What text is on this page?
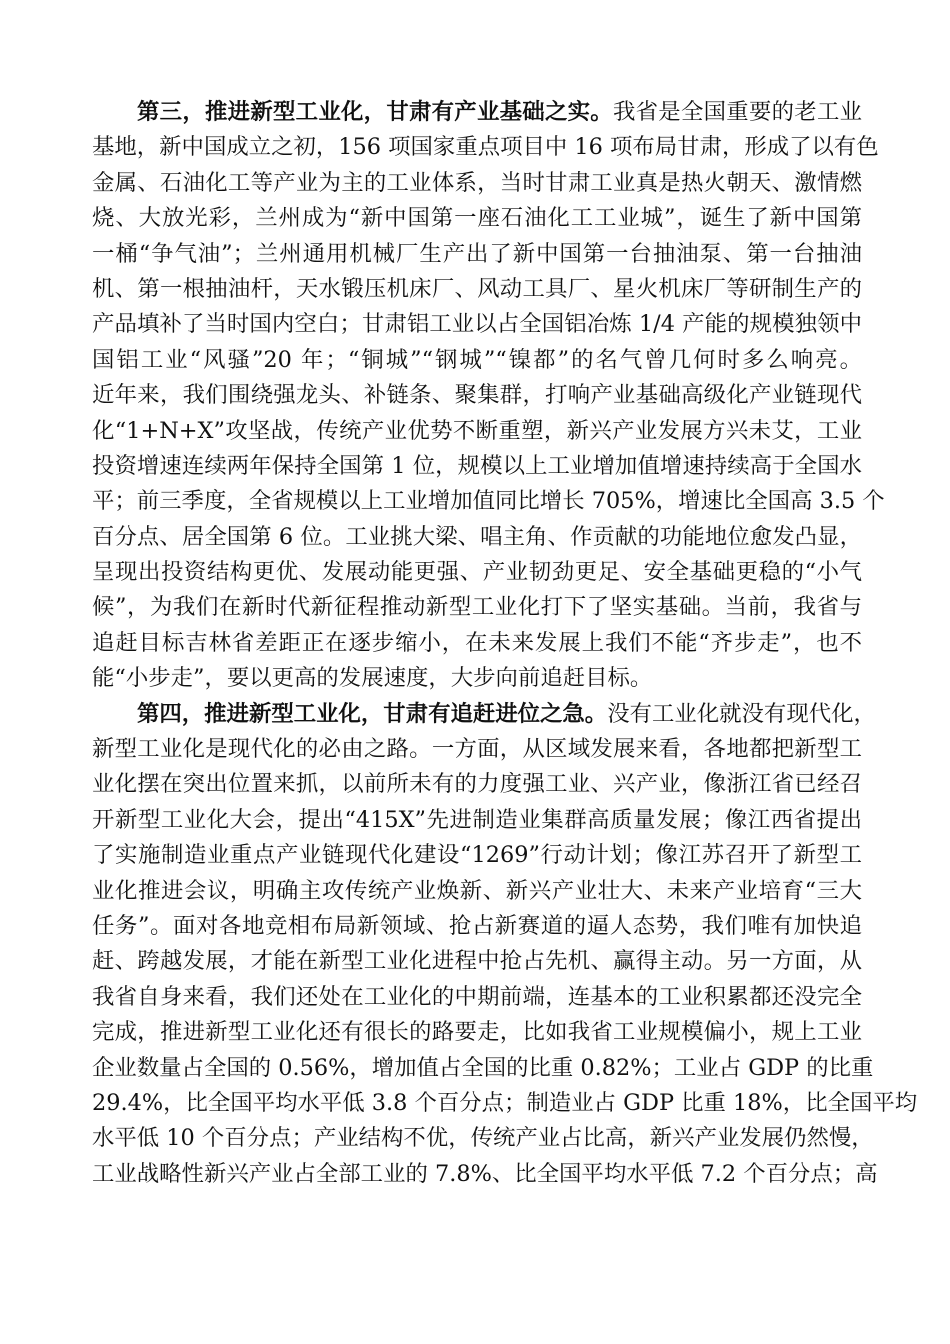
第三，推进新型工业化，甘肃有产业基础之实。我省是全国重要的老工业
基地，新中国成立之初，156 项国家重点项目中 16 项布局甘肃，形成了以有色
金属、石油化工等产业为主的工业体系，当时甘肃工业真是热火朝天、激情燃
烧、大放光彩，兰州成为“新中国第一座石油化工工业城”，诞生了新中国第
一桶“争气油”；兰州通用机械厂生产出了新中国第一台抽油泵、第一台抽油
机、第一根抽油杆，天水锻压机床厂、风动工具厂、星火机床厂等研制生产的
产品填补了当时国内空白；甘肃铝工业以占全国铝冶炼 1/4 产能的规模独领中
国铝工业“风骚”20 年；“铜城”“钢城”“镍都”的名气曾几何时多么响亮。
近年来，我们围绕强龙头、补链条、聚集群，打响产业基础高级化产业链现代
化“1+N+X”攻坚战，传统产业优势不断重塑，新兴产业发展方兴未艾，工业
投资增速连续两年保持全国第 1 位，规模以上工业增加值增速持续高于全国水
平；前三季度，全省规模以上工业增加值同比增长 705%，增速比全国高 3.5 个
百分点、居全国第 6 位。工业挑大梁、唱主角、作贡献的功能地位愈发凸显，
呈现出投资结构更优、发展动能更强、产业韧劲更足、安全基础更稳的“小气
候”，为我们在新时代新征程推动新型工业化打下了坚实基础。当前，我省与
追赶目标吉林省差距正在逐步缩小，在未来发展上我们不能“齐步走”，也不
能“小步走”，要以更高的发展速度，大步向前追赶目标。
第四，推进新型工业化，甘肃有追赶进位之急。没有工业化就没有现代化，
新型工业化是现代化的必由之路。一方面，从区域发展来看，各地都把新型工
业化摆在突出位置来抓，以前所未有的力度强工业、兴产业，像浙江省已经召
开新型工业化大会，提出“415X”先进制造业集群高质量发展；像江西省提出
了实施制造业重点产业链现代化建设“1269”行动计划；像江苏召开了新型工
业化推进会议，明确主攻传统产业焕新、新兴产业壮大、未来产业培育“三大
任务”。面对各地竞相布局新领域、抢占新赛道的逼人态势，我们唯有加快追
赶、跨越发展，才能在新型工业化进程中抢占先机、赢得主动。另一方面，从
我省自身来看，我们还处在工业化的中期前端，连基本的工业积累都还没完全
完成，推进新型工业化还有很长的路要走，比如我省工业规模偏小，规上工业
企业数量占全国的 0.56%，增加值占全国的比重 0.82%；工业占 GDP 的比重
29.4%，比全国平均水平低 3.8 个百分点；制造业占 GDP 比重 18%，比全国平均
水平低 10 个百分点；产业结构不优，传统产业占比高，新兴产业发展仍然慢，
工业战略性新兴产业占全部工业的 7.8%、比全国平均水平低 7.2 个百分点；高
